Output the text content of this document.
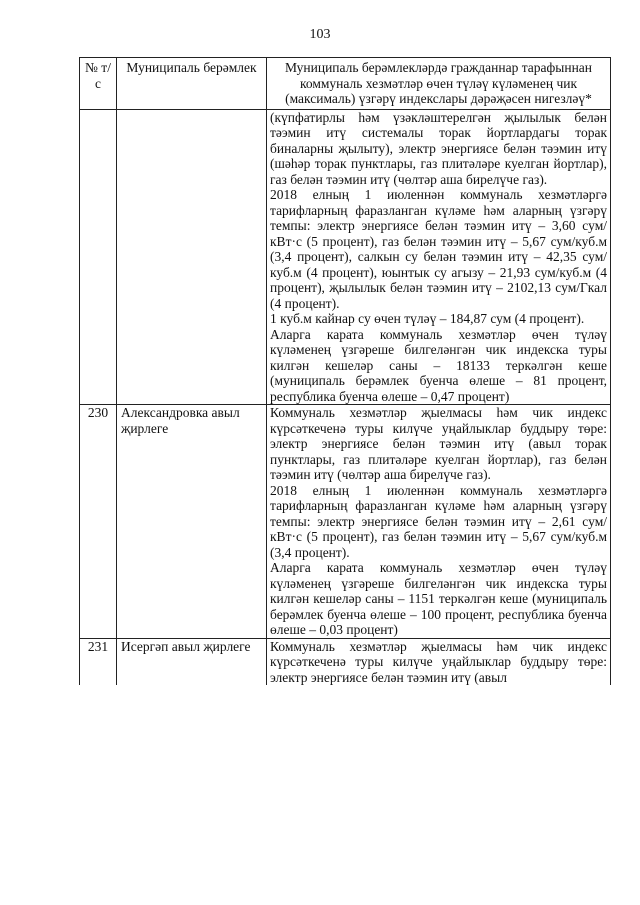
103
№ т/с	Муниципаль берәмлек	Муниципаль берәмлекләрдә гражданнар тарафыннан коммуналь хезмәтләр өчен түләү күләменең чик (максималь) үзгәрү индекслары дәрәҗәсен нигезләү*

		(күпфатирлы һәм үзәкләштерелгән җылылык белән тәэмин итү системалы торак йортлардагы торак биналарны җылыту), электр энергиясе белән тәэмин итү (шәһәр торак пунктлары, газ плитәләре куелган йортлар), газ белән тәэмин итү (чөлтәр аша бирелүче газ).

2018 елның 1 июленнән коммуналь хезмәтләргә тарифларның фаразланган күләме һәм аларның үзгәрү темпы: электр энергиясе белән тәэмин итү – 3,60 сум/кВт·с (5 процент), газ белән тәэмин итү – 5,67 сум/куб.м (3,4 процент), салкын су белән тәэмин итү – 42,35 сум/куб.м (4 процент), юынтык су агызу – 21,93 сум/куб.м (4 процент), җылылык белән тәэмин итү – 2102,13 сум/Гкал (4 процент).

1 куб.м кайнар су өчен түләү – 184,87 сум (4 процент).

Аларга карата коммуналь хезмәтләр өчен түләү күләменең үзгәреше билгеләнгән чик индекска туры килгән кешеләр саны – 18133 теркәлгән кеше (муниципаль берәмлек буенча өлеше – 81 процент, республика буенча өлеше – 0,47 процент)

230	Александровка авыл җирлеге	Коммуналь хезмәтләр җыелмасы һәм чик индекс күрсәткеченә туры килүче уңайлыклар буддыру төре: электр энергиясе белән тәэмин итү (авыл торак пунктлары, газ плитәләре куелган йортлар), газ белән тәэмин итү (чөлтәр аша бирелүче газ).

2018 елның 1 июленнән коммуналь хезмәтләргә тарифларның фаразланган күләме һәм аларның үзгәрү темпы: электр энергиясе белән тәэмин итү – 2,61 сум/кВт·с (5 процент), газ белән тәэмин итү – 5,67 сум/куб.м (3,4 процент).

Аларга карата коммуналь хезмәтләр өчен түләү күләменең үзгәреше билгеләнгән чик индекска туры килгән кешеләр саны – 1151 теркәлгән кеше (муниципаль берәмлек буенча өлеше – 100 процент, республика буенча өлеше – 0,03 процент)

231	Исергәп авыл җирлеге	Коммуналь хезмәтләр җыелмасы һәм чик индекс күрсәткеченә туры килүче уңайлыклар буддыру төре: электр энергиясе белән тәэмин итү (авыл
